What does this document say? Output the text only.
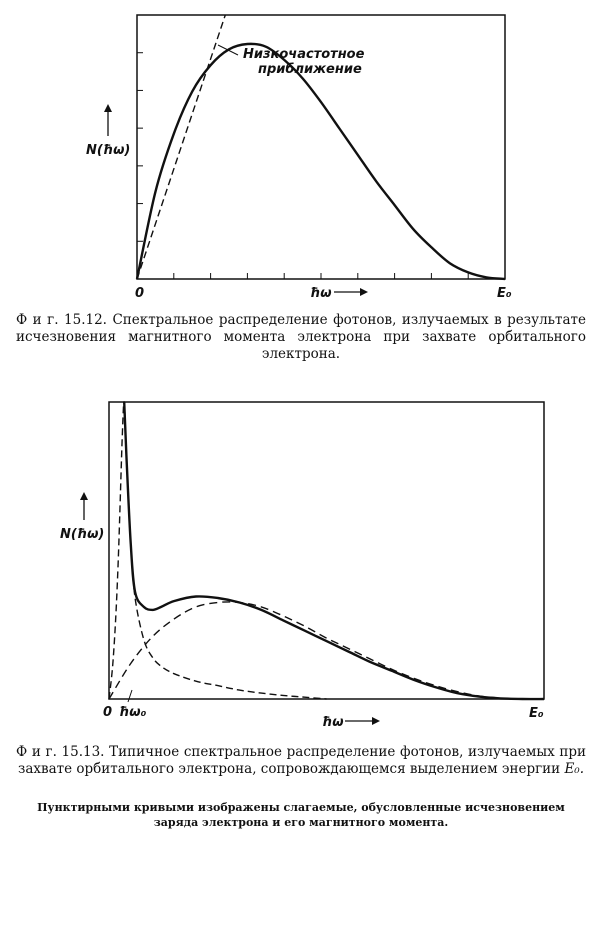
Низкочастотное
приближение
N(ħω)
0	ħω	E₀
N(ħω)
0 ħω₀
ħω
E₀
Ф и г. 15.12. Спектральное распределение фотонов, излучаемых в результате исчезновения магнитного момента электрона при захвате орбитального электрона.
Ф и г. 15.13. Типичное спектральное распределение фотонов, излучаемых при захвате орбитального электрона, сопровождающемся выделением энергии E₀.
Пунктирными кривыми изображены слагаемые, обусловленные исчезновением заряда электрона и его магнитного момента.
